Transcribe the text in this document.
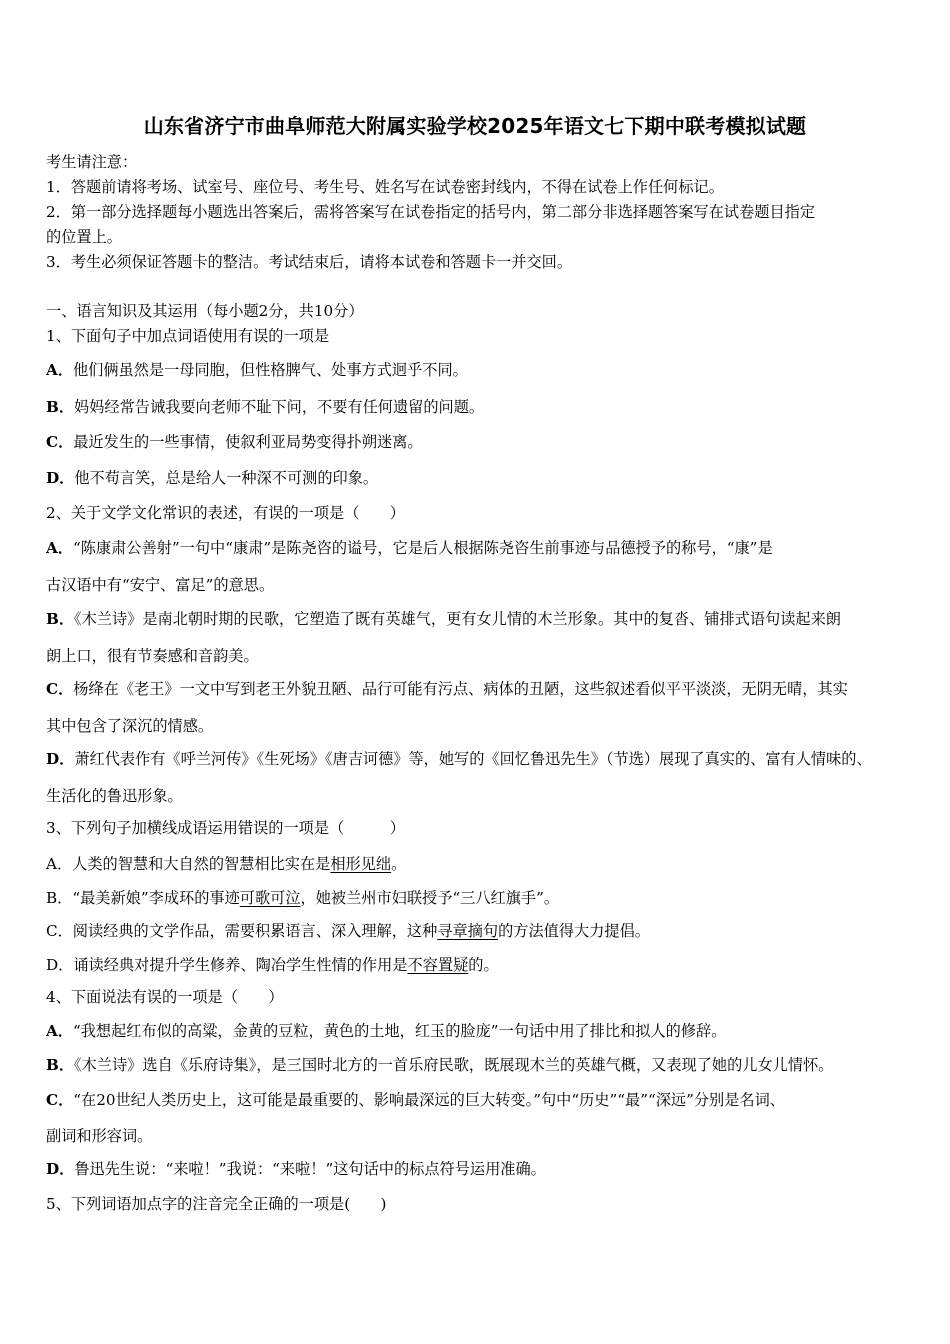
山东省济宁市曲阜师范大附属实验学校2025年语文七下期中联考模拟试题
考生请注意：
1．答题前请将考场、试室号、座位号、考生号、姓名写在试卷密封线内，不得在试卷上作任何标记。
2．第一部分选择题每小题选出答案后，需将答案写在试卷指定的括号内，第二部分非选择题答案写在试卷题目指定
的位置上。
3．考生必须保证答题卡的整洁。考试结束后，请将本试卷和答题卡一并交回。
一、语言知识及其运用（每小题2分，共10分）
1、下面句子中加点词语使用有误的一项是
A．他们俩虽然是一母同胞，但性格脾气、处事方式迥乎不同。
B．妈妈经常告诫我要向老师不耻下问，不要有任何遗留的问题。
C．最近发生的一些事情，使叙利亚局势变得扑朔迷离。
D．他不苟言笑，总是给人一种深不可测的印象。
2、关于文学文化常识的表述，有误的一项是（　　）
A．“陈康肃公善射”一句中“康肃”是陈尧咨的谥号，它是后人根据陈尧咨生前事迹与品德授予的称号，“康”是
古汉语中有“安宁、富足”的意思。
B．《木兰诗》是南北朝时期的民歌，它塑造了既有英雄气，更有女儿情的木兰形象。其中的复沓、铺排式语句读起来朗
朗上口，很有节奏感和音韵美。
C．杨绛在《老王》一文中写到老王外貌丑陋、品行可能有污点、病体的丑陋，这些叙述看似平平淡淡，无阴无晴，其实
其中包含了深沉的情感。
D．萧红代表作有《呼兰河传》《生死场》《唐吉诃德》等，她写的《回忆鲁迅先生》（节选）展现了真实的、富有人情味的、
生活化的鲁迅形象。
3、下列句子加横线成语运用错误的一项是（　　　）
A．人类的智慧和大自然的智慧相比实在是相形见绌。
B．“最美新娘”李成环的事迹可歌可泣，她被兰州市妇联授予“三八红旗手”。
C．阅读经典的文学作品，需要积累语言、深入理解，这种寻章摘句的方法值得大力提倡。
D．诵读经典对提升学生修养、陶冶学生性情的作用是不容置疑的。
4、下面说法有误的一项是（　　）
A．“我想起红布似的高粱，金黄的豆粒，黄色的土地，红玉的脸庞”一句话中用了排比和拟人的修辞。
B．《木兰诗》选自《乐府诗集》，是三国时北方的一首乐府民歌，既展现木兰的英雄气概，又表现了她的儿女儿情怀。
C．“在20世纪人类历史上，这可能是最重要的、影响最深远的巨大转变。”句中“历史”“最”“深远”分别是名词、
副词和形容词。
D．鲁迅先生说：“来啦！”我说：“来啦！”这句话中的标点符号运用准确。
5、下列词语加点字的注音完全正确的一项是(　　)
